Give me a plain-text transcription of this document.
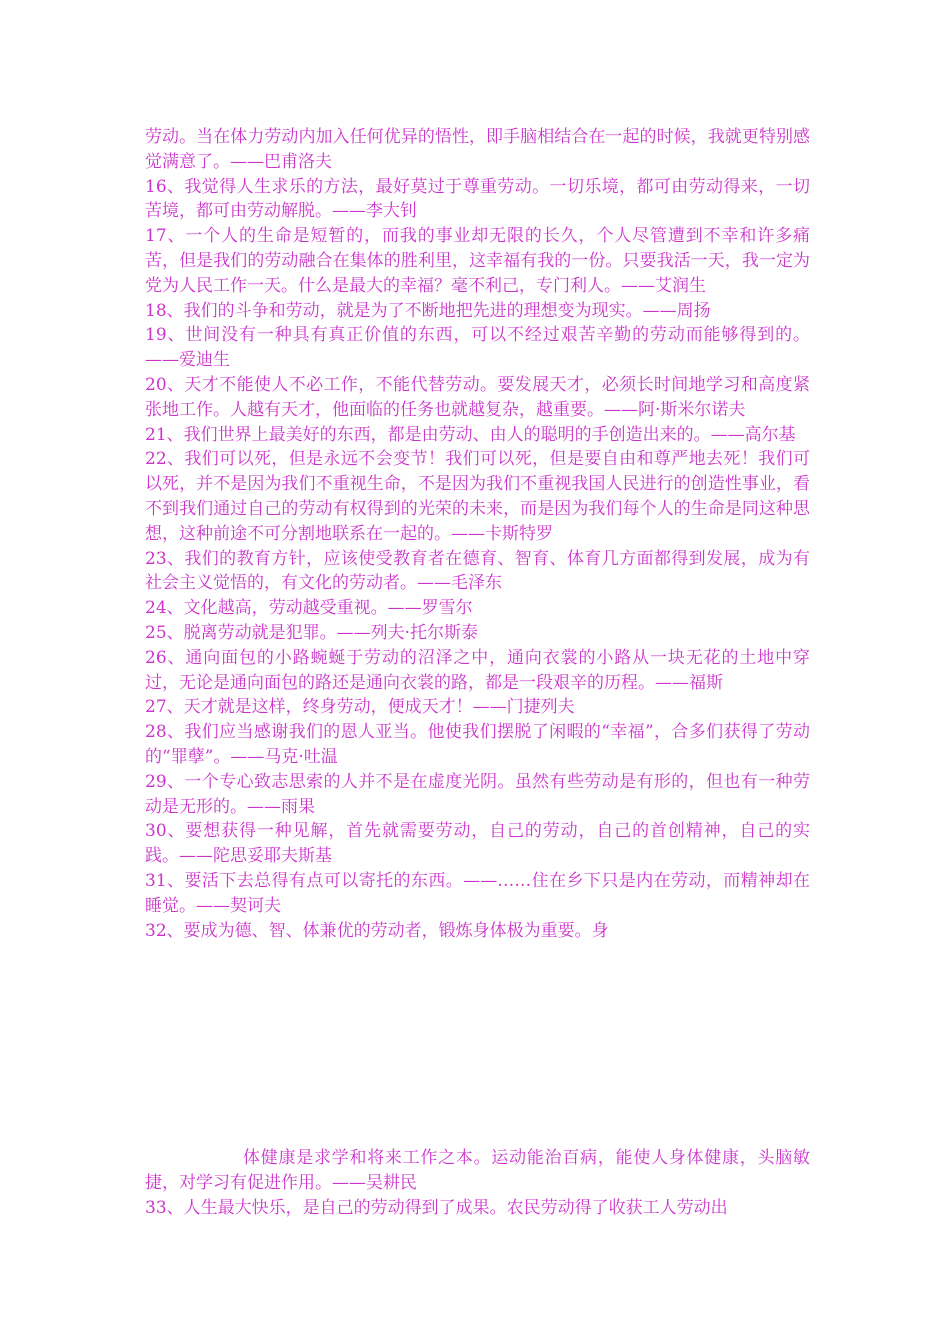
劳动。当在体力劳动内加入任何优异的悟性，即手脑相结合在一起的时候，我就更特别感觉满意了。——巴甫洛夫

16、我觉得人生求乐的方法，最好莫过于尊重劳动。一切乐境，都可由劳动得来，一切苦境，都可由劳动解脱。——李大钊

17、一个人的生命是短暂的，而我的事业却无限的长久，个人尽管遭到不幸和许多痛苦，但是我们的劳动融合在集体的胜利里，这幸福有我的一份。只要我活一天，我一定为党为人民工作一天。什么是最大的幸福？毫不利己，专门利人。——艾润生

18、我们的斗争和劳动，就是为了不断地把先进的理想变为现实。——周扬

19、世间没有一种具有真正价值的东西，可以不经过艰苦辛勤的劳动而能够得到的。——爱迪生

20、天才不能使人不必工作，不能代替劳动。要发展天才，必须长时间地学习和高度紧张地工作。人越有天才，他面临的任务也就越复杂，越重要。——阿·斯米尔诺夫

21、我们世界上最美好的东西，都是由劳动、由人的聪明的手创造出来的。——高尔基

22、我们可以死，但是永远不会变节！我们可以死，但是要自由和尊严地去死！我们可以死，并不是因为我们不重视生命，不是因为我们不重视我国人民进行的创造性事业，看不到我们通过自己的劳动有权得到的光荣的未来，而是因为我们每个人的生命是同这种思想，这种前途不可分割地联系在一起的。——卡斯特罗

23、我们的教育方针，应该使受教育者在德育、智育、体育几方面都得到发展，成为有社会主义觉悟的，有文化的劳动者。——毛泽东

24、文化越高，劳动越受重视。——罗雪尔

25、脱离劳动就是犯罪。——列夫·托尔斯泰

26、通向面包的小路蜿蜒于劳动的沼泽之中，通向衣裳的小路从一块无花的土地中穿过，无论是通向面包的路还是通向衣裳的路，都是一段艰辛的历程。——福斯

27、天才就是这样，终身劳动，便成天才！——门捷列夫

28、我们应当感谢我们的恩人亚当。他使我们摆脱了闲暇的“幸福”，合多们获得了劳动的“罪孽”。——马克·吐温

29、一个专心致志思索的人并不是在虚度光阴。虽然有些劳动是有形的，但也有一种劳动是无形的。——雨果

30、要想获得一种见解，首先就需要劳动，自己的劳动，自己的首创精神，自己的实践。——陀思妥耶夫斯基

31、要活下去总得有点可以寄托的东西。——……住在乡下只是内在劳动，而精神却在睡觉。——契诃夫

32、要成为德、智、体兼优的劳动者，锻炼身体极为重要。身

体健康是求学和将来工作之本。运动能治百病，能使人身体健康，头脑敏捷，对学习有促进作用。——吴耕民

33、人生最大快乐，是自己的劳动得到了成果。农民劳动得了收获工人劳动出
